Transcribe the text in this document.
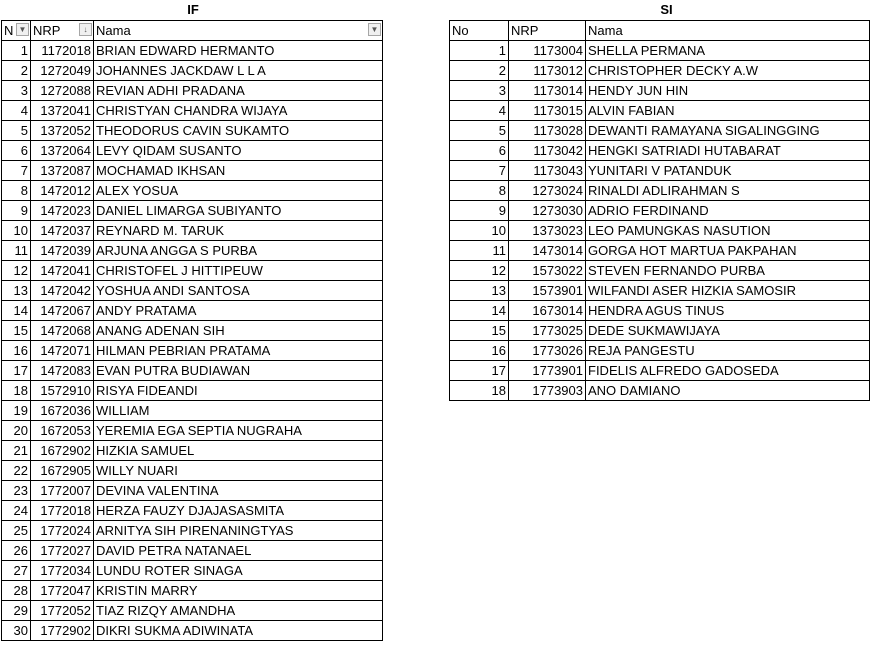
IF	SI
N ▼	NRP ↓	Nama ▼

1	1172018	BRIAN EDWARD HERMANTO
2	1272049	JOHANNES JACKDAW L L A
3	1272088	REVIAN ADHI PRADANA
4	1372041	CHRISTYAN CHANDRA WIJAYA
5	1372052	THEODORUS CAVIN SUKAMTO
6	1372064	LEVY QIDAM SUSANTO
7	1372087	MOCHAMAD IKHSAN
8	1472012	ALEX YOSUA
9	1472023	DANIEL LIMARGA SUBIYANTO
10	1472037	REYNARD M. TARUK
11	1472039	ARJUNA ANGGA S PURBA
12	1472041	CHRISTOFEL J HITTIPEUW
13	1472042	YOSHUA ANDI SANTOSA
14	1472067	ANDY PRATAMA
15	1472068	ANANG ADENAN SIH
16	1472071	HILMAN PEBRIAN PRATAMA
17	1472083	EVAN PUTRA BUDIAWAN
18	1572910	RISYA FIDEANDI
19	1672036	WILLIAM
20	1672053	YEREMIA EGA SEPTIA NUGRAHA
21	1672902	HIZKIA SAMUEL
22	1672905	WILLY NUARI
23	1772007	DEVINA VALENTINA
24	1772018	HERZA FAUZY DJAJASASMITA
25	1772024	ARNITYA SIH PIRENANINGTYAS
26	1772027	DAVID PETRA NATANAEL
27	1772034	LUNDU ROTER SINAGA
28	1772047	KRISTIN MARRY
29	1772052	TIAZ RIZQY AMANDHA
30	1772902	DIKRI SUKMA ADIWINATA
No	NRP	Nama
1	1173004	SHELLA PERMANA
2	1173012	CHRISTOPHER DECKY A.W
3	1173014	HENDY JUN HIN
4	1173015	ALVIN FABIAN
5	1173028	DEWANTI RAMAYANA SIGALINGGING
6	1173042	HENGKI SATRIADI HUTABARAT
7	1173043	YUNITARI V PATANDUK
8	1273024	RINALDI ADLIRAHMAN S
9	1273030	ADRIO FERDINAND
10	1373023	LEO PAMUNGKAS NASUTION
11	1473014	GORGA HOT MARTUA PAKPAHAN
12	1573022	STEVEN FERNANDO PURBA
13	1573901	WILFANDI ASER HIZKIA SAMOSIR
14	1673014	HENDRA AGUS TINUS
15	1773025	DEDE SUKMAWIJAYA
16	1773026	REJA PANGESTU
17	1773901	FIDELIS ALFREDO GADOSEDA
18	1773903	ANO DAMIANO
